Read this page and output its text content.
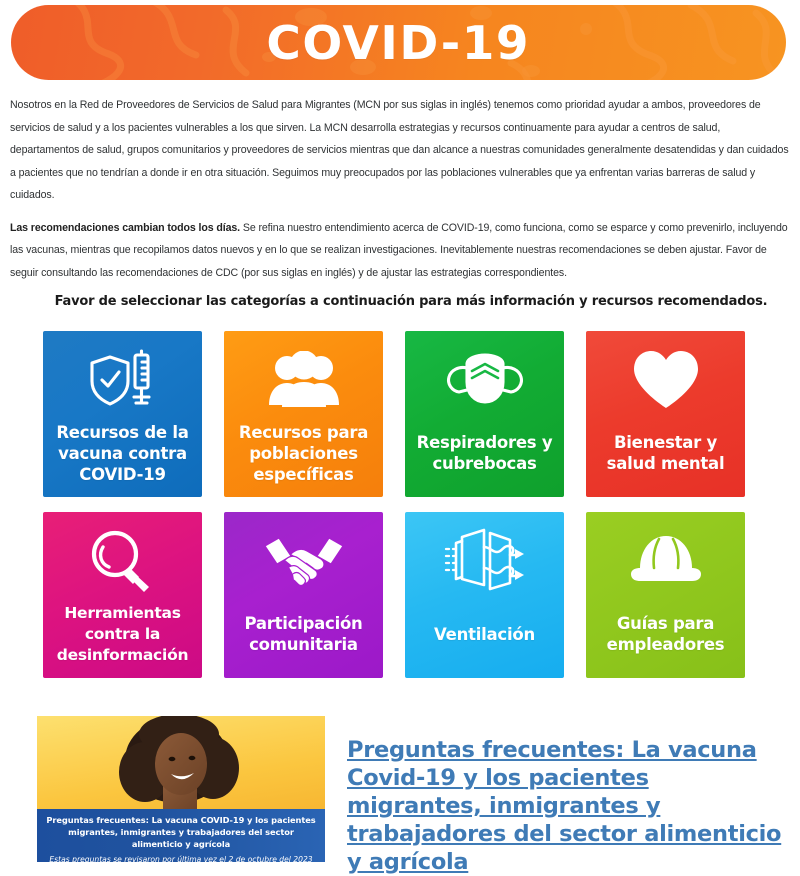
COVID-19

Nosotros en la Red de Proveedores de Servicios de Salud para Migrantes (MCN por sus siglas in inglés) tenemos como prioridad ayudar a ambos, proveedores de servicios de salud y a los pacientes vulnerables a los que sirven. La MCN desarrolla estrategias y recursos continuamente para ayudar a centros de salud, departamentos de salud, grupos comunitarios y proveedores de servicios mientras que dan alcance a nuestras comunidades generalmente desatendidas y dan cuidados a pacientes que no tendrían a donde ir en otra situación. Seguimos muy preocupados por las poblaciones vulnerables que ya enfrentan varias barreras de salud y cuidados.

Las recomendaciones cambian todos los días. Se refina nuestro entendimiento acerca de COVID-19, como funciona, como se esparce y como prevenirlo, incluyendo las vacunas, mientras que recopilamos datos nuevos y en lo que se realizan investigaciones. Inevitablemente nuestras recomendaciones se deben ajustar. Favor de seguir consultando las recomendaciones de CDC (por sus siglas en inglés) y de ajustar las estrategias correspondientes.

Favor de seleccionar las categorías a continuación para más información y recursos recomendados.

Recursos de la vacuna contra COVID-19
Recursos para poblaciones específicas
Respiradores y cubrebocas
Bienestar y salud mental
Herramientas contra la desinformación
Participación comunitaria
Ventilación
Guías para empleadores
Preguntas frecuentes: La vacuna COVID-19 y los pacientes migrantes, inmigrantes y trabajadores del sector alimenticio y agrícola
Estas preguntas se revisaron por última vez el 2 de octubre del 2023
Preguntas frecuentes: La vacuna Covid-19 y los pacientes migrantes, inmigrantes y trabajadores del sector alimenticio y agrícola
